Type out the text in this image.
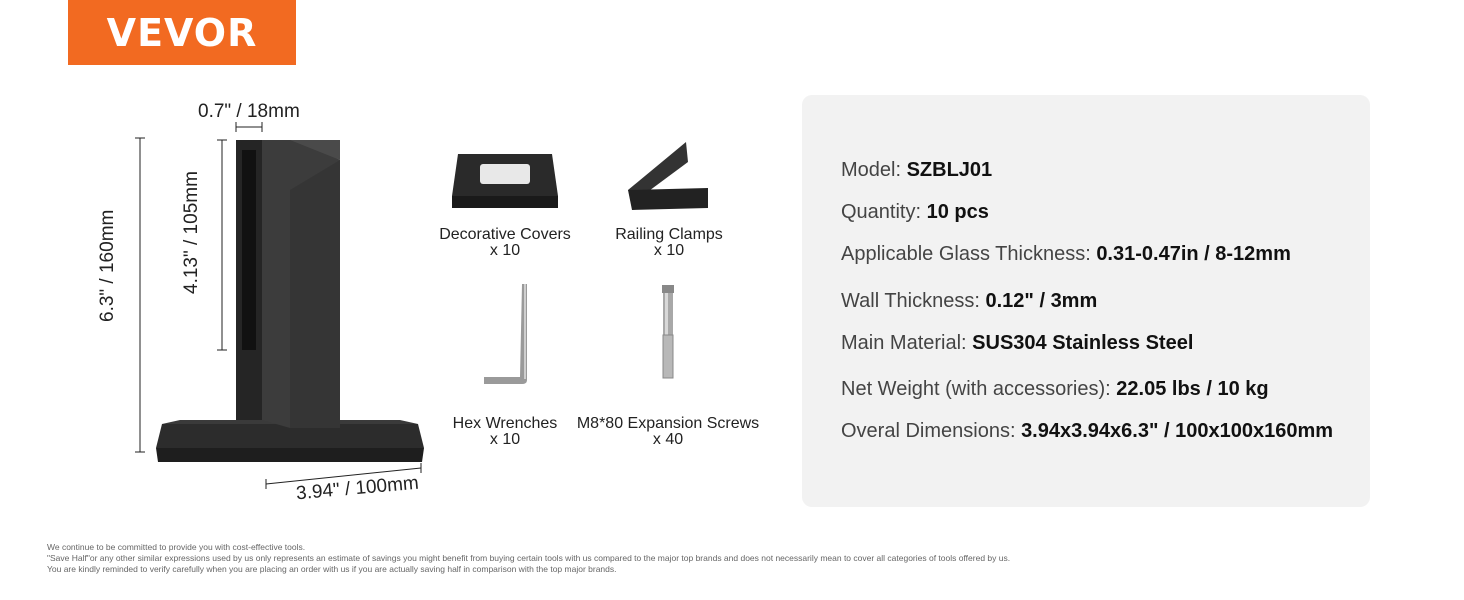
VEVOR
0.7" / 18mm
4.13" / 105mm
6.3" / 160mm
3.94" / 100mm
Decorative Covers
x 10
Railing Clamps
x 10
Hex Wrenches
x 10
M8*80 Expansion Screws
x 40
Model: SZBLJ01
Quantity: 10 pcs
Applicable Glass Thickness: 0.31-0.47in / 8-12mm
Wall Thickness: 0.12" / 3mm
Main Material: SUS304 Stainless Steel
Net Weight (with accessories): 22.05 lbs / 10 kg
Overal Dimensions: 3.94x3.94x6.3" / 100x100x160mm
We continue to be committed to provide you with cost-effective tools.
"Save Half"or any other similar expressions used by us only represents an estimate of savings you might benefit from buying certain tools with us compared to the major top brands and does not necessarily mean to cover all categories of tools offered by us.
You are kindly reminded to verify carefully when you are placing an order with us if you are actually saving half in comparison with the top major brands.
